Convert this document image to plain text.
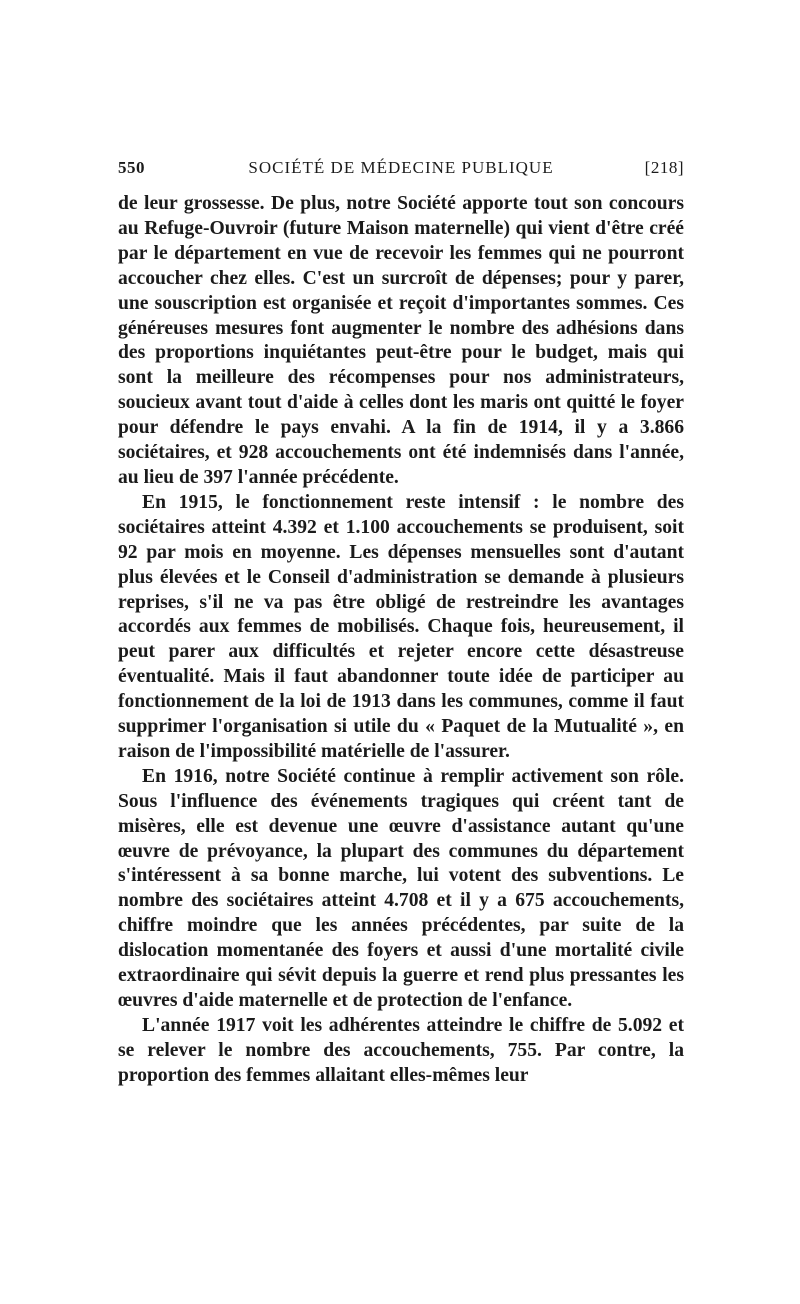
550	SOCIÉTÉ DE MÉDECINE PUBLIQUE	[218]

de leur grossesse. De plus, notre Société apporte tout son concours au Refuge-Ouvroir (future Maison maternelle) qui vient d'être créé par le département en vue de recevoir les femmes qui ne pourront accoucher chez elles. C'est un surcroît de dépenses; pour y parer, une souscription est organisée et reçoit d'importantes sommes. Ces généreuses mesures font augmenter le nombre des adhésions dans des proportions inquiétantes peut-être pour le budget, mais qui sont la meilleure des récompenses pour nos administrateurs, soucieux avant tout d'aide à celles dont les maris ont quitté le foyer pour défendre le pays envahi. A la fin de 1914, il y a 3.866 sociétaires, et 928 accouchements ont été indemnisés dans l'année, au lieu de 397 l'année précédente.

En 1915, le fonctionnement reste intensif : le nombre des sociétaires atteint 4.392 et 1.100 accouchements se produisent, soit 92 par mois en moyenne. Les dépenses mensuelles sont d'autant plus élevées et le Conseil d'administration se demande à plusieurs reprises, s'il ne va pas être obligé de restreindre les avantages accordés aux femmes de mobilisés. Chaque fois, heureusement, il peut parer aux difficultés et rejeter encore cette désastreuse éventualité. Mais il faut abandonner toute idée de participer au fonctionnement de la loi de 1913 dans les communes, comme il faut supprimer l'organisation si utile du « Paquet de la Mutualité », en raison de l'impossibilité matérielle de l'assurer.

En 1916, notre Société continue à remplir activement son rôle. Sous l'influence des événements tragiques qui créent tant de misères, elle est devenue une œuvre d'assistance autant qu'une œuvre de prévoyance, la plupart des communes du département s'intéressent à sa bonne marche, lui votent des subventions. Le nombre des sociétaires atteint 4.708 et il y a 675 accouchements, chiffre moindre que les années précédentes, par suite de la dislocation momentanée des foyers et aussi d'une mortalité civile extraordinaire qui sévit depuis la guerre et rend plus pressantes les œuvres d'aide maternelle et de protection de l'enfance.

L'année 1917 voit les adhérentes atteindre le chiffre de 5.092 et se relever le nombre des accouchements, 755. Par contre, la proportion des femmes allaitant elles-mêmes leur
